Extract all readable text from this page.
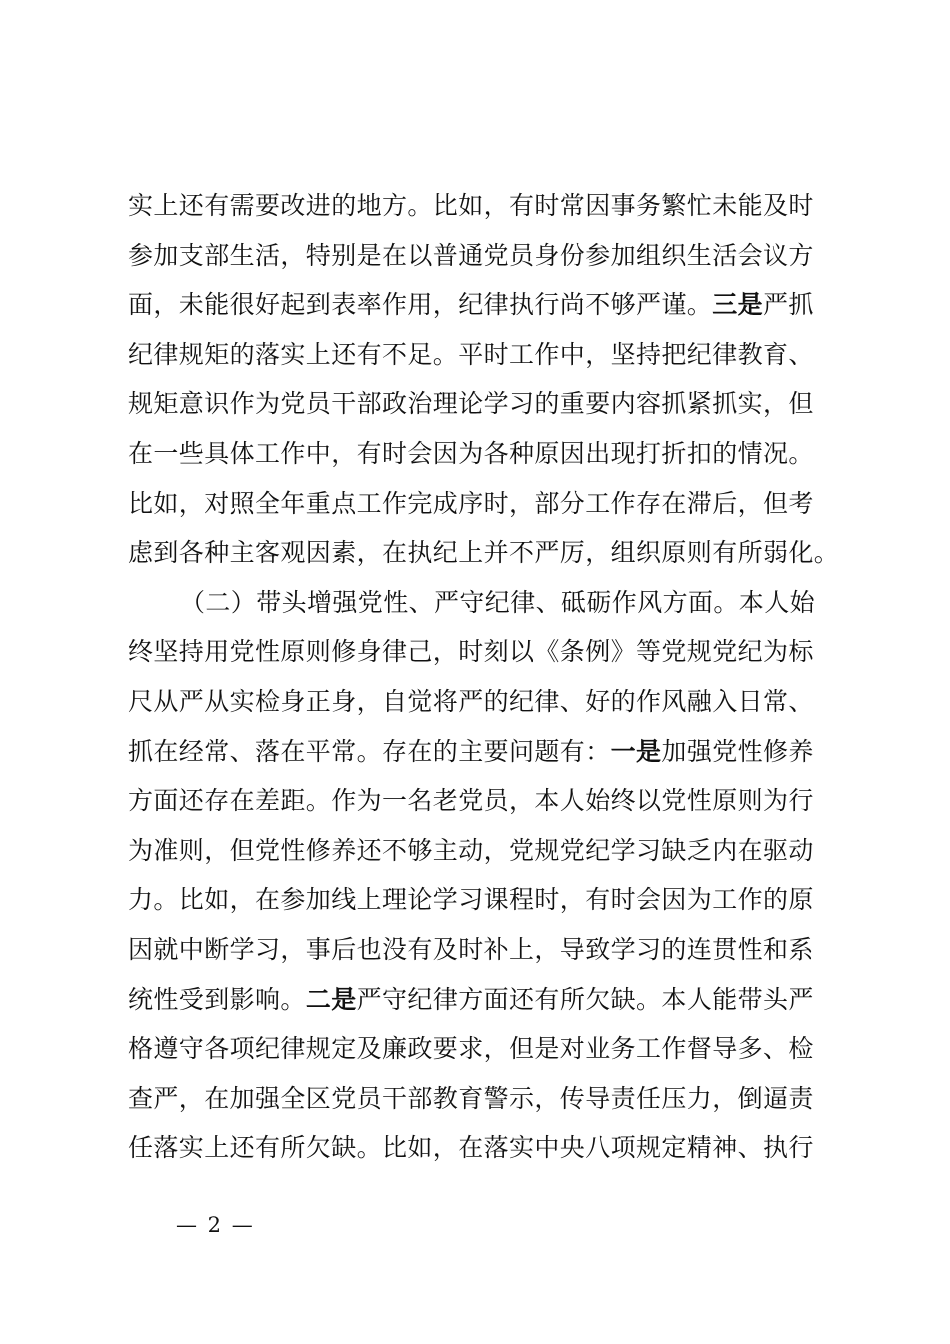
实上还有需要改进的地方。比如，有时常因事务繁忙未能及时
参加支部生活，特别是在以普通党员身份参加组织生活会议方
面，未能很好起到表率作用，纪律执行尚不够严谨。三是严抓
纪律规矩的落实上还有不足。平时工作中，坚持把纪律教育、
规矩意识作为党员干部政治理论学习的重要内容抓紧抓实，但
在一些具体工作中，有时会因为各种原因出现打折扣的情况。
比如，对照全年重点工作完成序时，部分工作存在滞后，但考
虑到各种主客观因素，在执纪上并不严厉，组织原则有所弱化。
（二）带头增强党性、严守纪律、砥砺作风方面。本人始
终坚持用党性原则修身律己，时刻以《条例》等党规党纪为标
尺从严从实检身正身，自觉将严的纪律、好的作风融入日常、
抓在经常、落在平常。存在的主要问题有：一是加强党性修养
方面还存在差距。作为一名老党员，本人始终以党性原则为行
为准则，但党性修养还不够主动，党规党纪学习缺乏内在驱动
力。比如，在参加线上理论学习课程时，有时会因为工作的原
因就中断学习，事后也没有及时补上，导致学习的连贯性和系
统性受到影响。二是严守纪律方面还有所欠缺。本人能带头严
格遵守各项纪律规定及廉政要求，但是对业务工作督导多、检
查严，在加强全区党员干部教育警示，传导责任压力，倒逼责
任落实上还有所欠缺。比如，在落实中央八项规定精神、执行
— 2 —
